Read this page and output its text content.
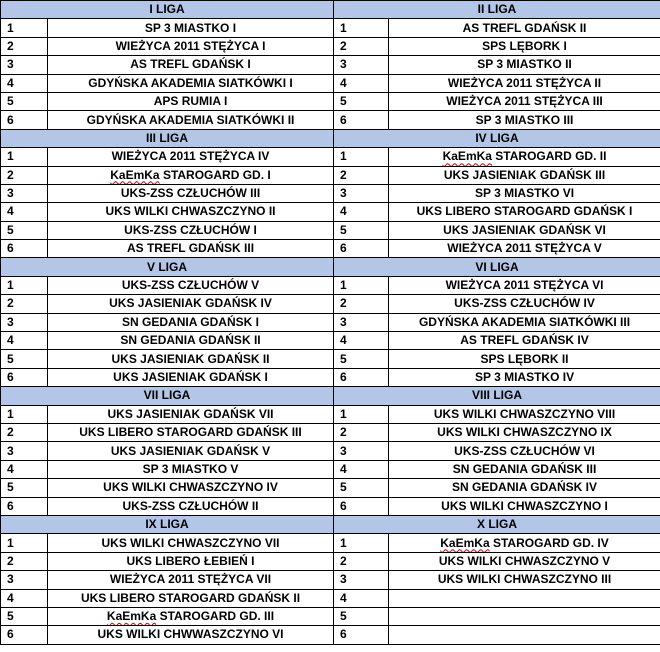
I LIGA		II LIGA	
1	SP 3 MIASTKO I	1	AS TREFL GDAŃSK II
2	WIEŻYCA 2011 STĘŻYCA I	2	SPS LĘBORK I
3	AS TREFL GDAŃSK I	3	SP 3 MIASTKO II
4	GDYŃSKA AKADEMIA SIATKÓWKI I	4	WIEŻYCA 2011 STĘŻYCA II
5	APS RUMIA I	5	WIEŻYCA 2011 STĘŻYCA III
6	GDYŃSKA AKADEMIA SIATKÓWKI II	6	SP 3 MIASTKO III
III LIGA		IV LIGA	
1	WIEŻYCA 2011 STĘŻYCA IV	1	KaEmKa STAROGARD GD. II
2	KaEmKa STAROGARD GD. I	2	UKS JASIENIAK GDAŃSK III
3	UKS-ZSS CZŁUCHÓW III	3	SP 3 MIASTKO VI
4	UKS WILKI CHWASZCZYNO II	4	UKS LIBERO STAROGARD GDAŃSK I
5	UKS-ZSS CZŁUCHÓW I	5	UKS JASIENIAK GDAŃSK VI
6	AS TREFL GDAŃSK III	6	WIEŻYCA 2011 STĘŻYCA V
V LIGA		VI LIGA	
1	UKS-ZSS CZŁUCHÓW V	1	WIEŻYCA 2011 STĘŻYCA VI
2	UKS JASIENIAK GDAŃSK IV	2	UKS-ZSS CZŁUCHÓW IV
3	SN GEDANIA GDAŃSK I	3	GDYŃSKA AKADEMIA SIATKÓWKI III
4	SN GEDANIA GDAŃSK II	4	AS TREFL GDAŃSK IV
5	UKS JASIENIAK GDAŃSK II	5	SPS LĘBORK II
6	UKS JASIENIAK GDAŃSK I	6	SP 3 MIASTKO IV
VII LIGA		VIII LIGA	
1	UKS JASIENIAK GDAŃSK VII	1	UKS WILKI CHWASZCZYNO VIII
2	UKS LIBERO STAROGARD GDAŃSK III	2	UKS WILKI CHWASZCZYNO IX
3	UKS JASIENIAK GDAŃSK V	3	UKS-ZSS CZŁUCHÓW VI
4	SP 3 MIASTKO V	4	SN GEDANIA GDAŃSK III
5	UKS WILKI CHWASZCZYNO IV	5	SN GEDANIA GDAŃSK IV
6	UKS-ZSS CZŁUCHÓW II	6	UKS WILKI CHWASZCZYNO I
IX LIGA		X LIGA	
1	UKS WILKI CHWASZCZYNO VII	1	KaEmKa STAROGARD GD. IV
2	UKS LIBERO ŁEBIEŃ I	2	UKS WILKI CHWASZCZYNO V
3	WIEŻYCA 2011 STĘŻYCA VII	3	UKS WILKI CHWASZCZYNO III
4	UKS LIBERO STAROGARD GDAŃSK II	4	
5	KaEmKa STAROGARD GD. III	5	
6	UKS WILKI CHWWASZCZYNO VI	6	
